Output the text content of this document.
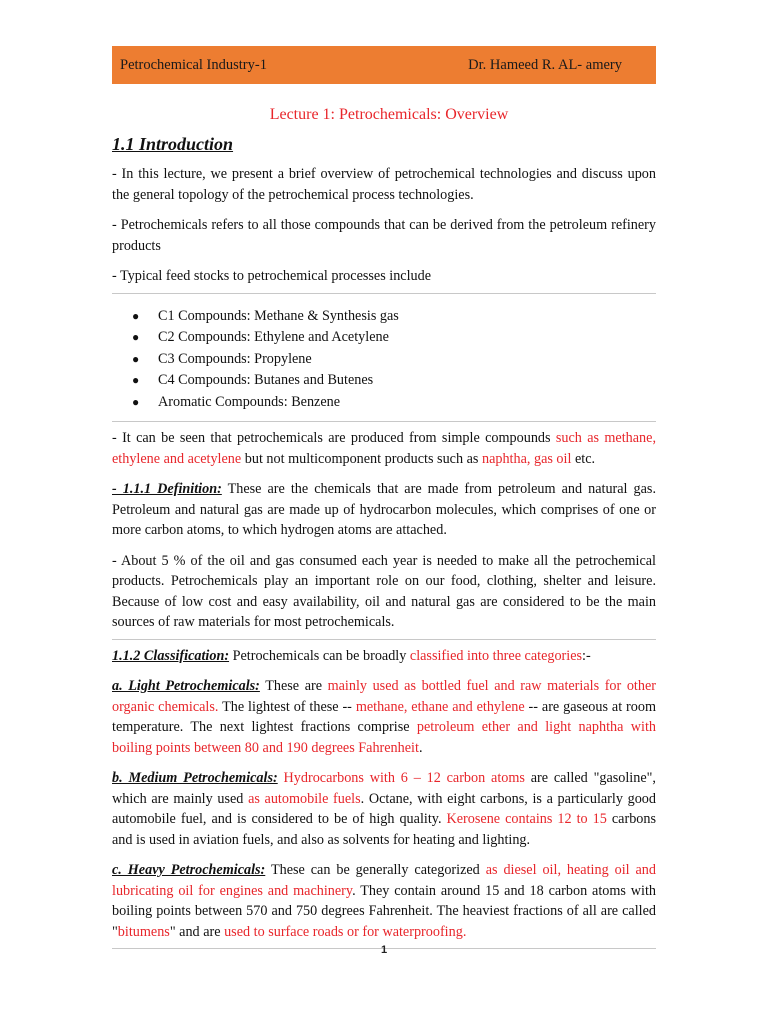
Petrochemical Industry-1	Dr. Hameed R. AL- amery
Lecture 1: Petrochemicals: Overview
1.1 Introduction

- In this lecture, we present a brief overview of petrochemical technologies and discuss upon the general topology of the petrochemical process technologies.

- Petrochemicals refers to all those compounds that can be derived from the petroleum refinery products

- Typical feed stocks to petrochemical processes include

● C1 Compounds: Methane & Synthesis gas
● C2 Compounds: Ethylene and Acetylene
● C3 Compounds: Propylene
● C4 Compounds: Butanes and Butenes
● Aromatic Compounds: Benzene

- It can be seen that petrochemicals are produced from simple compounds such as methane, ethylene and acetylene but not multicomponent products such as naphtha, gas oil etc.

- 1.1.1 Definition: These are the chemicals that are made from petroleum and natural gas. Petroleum and natural gas are made up of hydrocarbon molecules, which comprises of one or more carbon atoms, to which hydrogen atoms are attached.

- About 5 % of the oil and gas consumed each year is needed to make all the petrochemical products. Petrochemicals play an important role on our food, clothing, shelter and leisure. Because of low cost and easy availability, oil and natural gas are considered to be the main sources of raw materials for most petrochemicals.

1.1.2 Classification: Petrochemicals can be broadly classified into three categories:-

a. Light Petrochemicals: These are mainly used as bottled fuel and raw materials for other organic chemicals. The lightest of these -- methane, ethane and ethylene -- are gaseous at room temperature. The next lightest fractions comprise petroleum ether and light naphtha with boiling points between 80 and 190 degrees Fahrenheit.

b. Medium Petrochemicals: Hydrocarbons with 6 – 12 carbon atoms are called "gasoline", which are mainly used as automobile fuels. Octane, with eight carbons, is a particularly good automobile fuel, and is considered to be of high quality. Kerosene contains 12 to 15 carbons and is used in aviation fuels, and also as solvents for heating and lighting.

c. Heavy Petrochemicals: These can be generally categorized as diesel oil, heating oil and lubricating oil for engines and machinery. They contain around 15 and 18 carbon atoms with boiling points between 570 and 750 degrees Fahrenheit. The heaviest fractions of all are called "bitumens" and are used to surface roads or for waterproofing.

1
